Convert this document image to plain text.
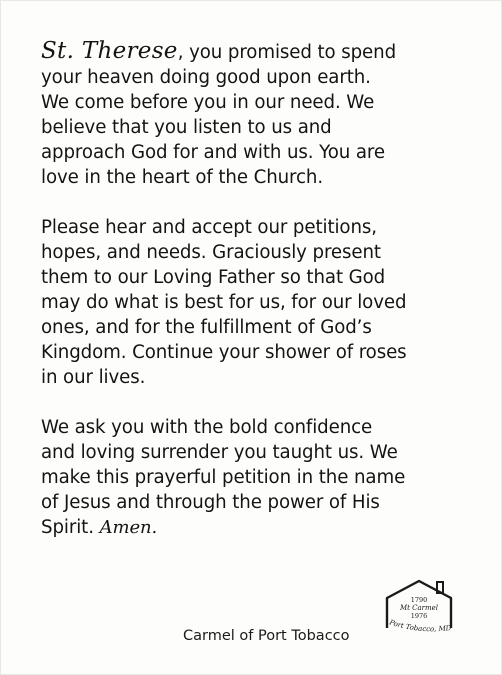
St. Therese, you promised to spend
your heaven doing good upon earth.
We come before you in our need. We
believe that you listen to us and
approach God for and with us. You are
love in the heart of the Church.

Please hear and accept our petitions,
hopes, and needs. Graciously present
them to our Loving Father so that God
may do what is best for us, for our loved
ones, and for the fulfillment of God’s
Kingdom. Continue your shower of roses
in our lives.

We ask you with the bold confidence
and loving surrender you taught us. We
make this prayerful petition in the name
of Jesus and through the power of His
Spirit. Amen.

Carmel of Port Tobacco
1790
Mt Carmel
1976
Port Tobacco, MD
